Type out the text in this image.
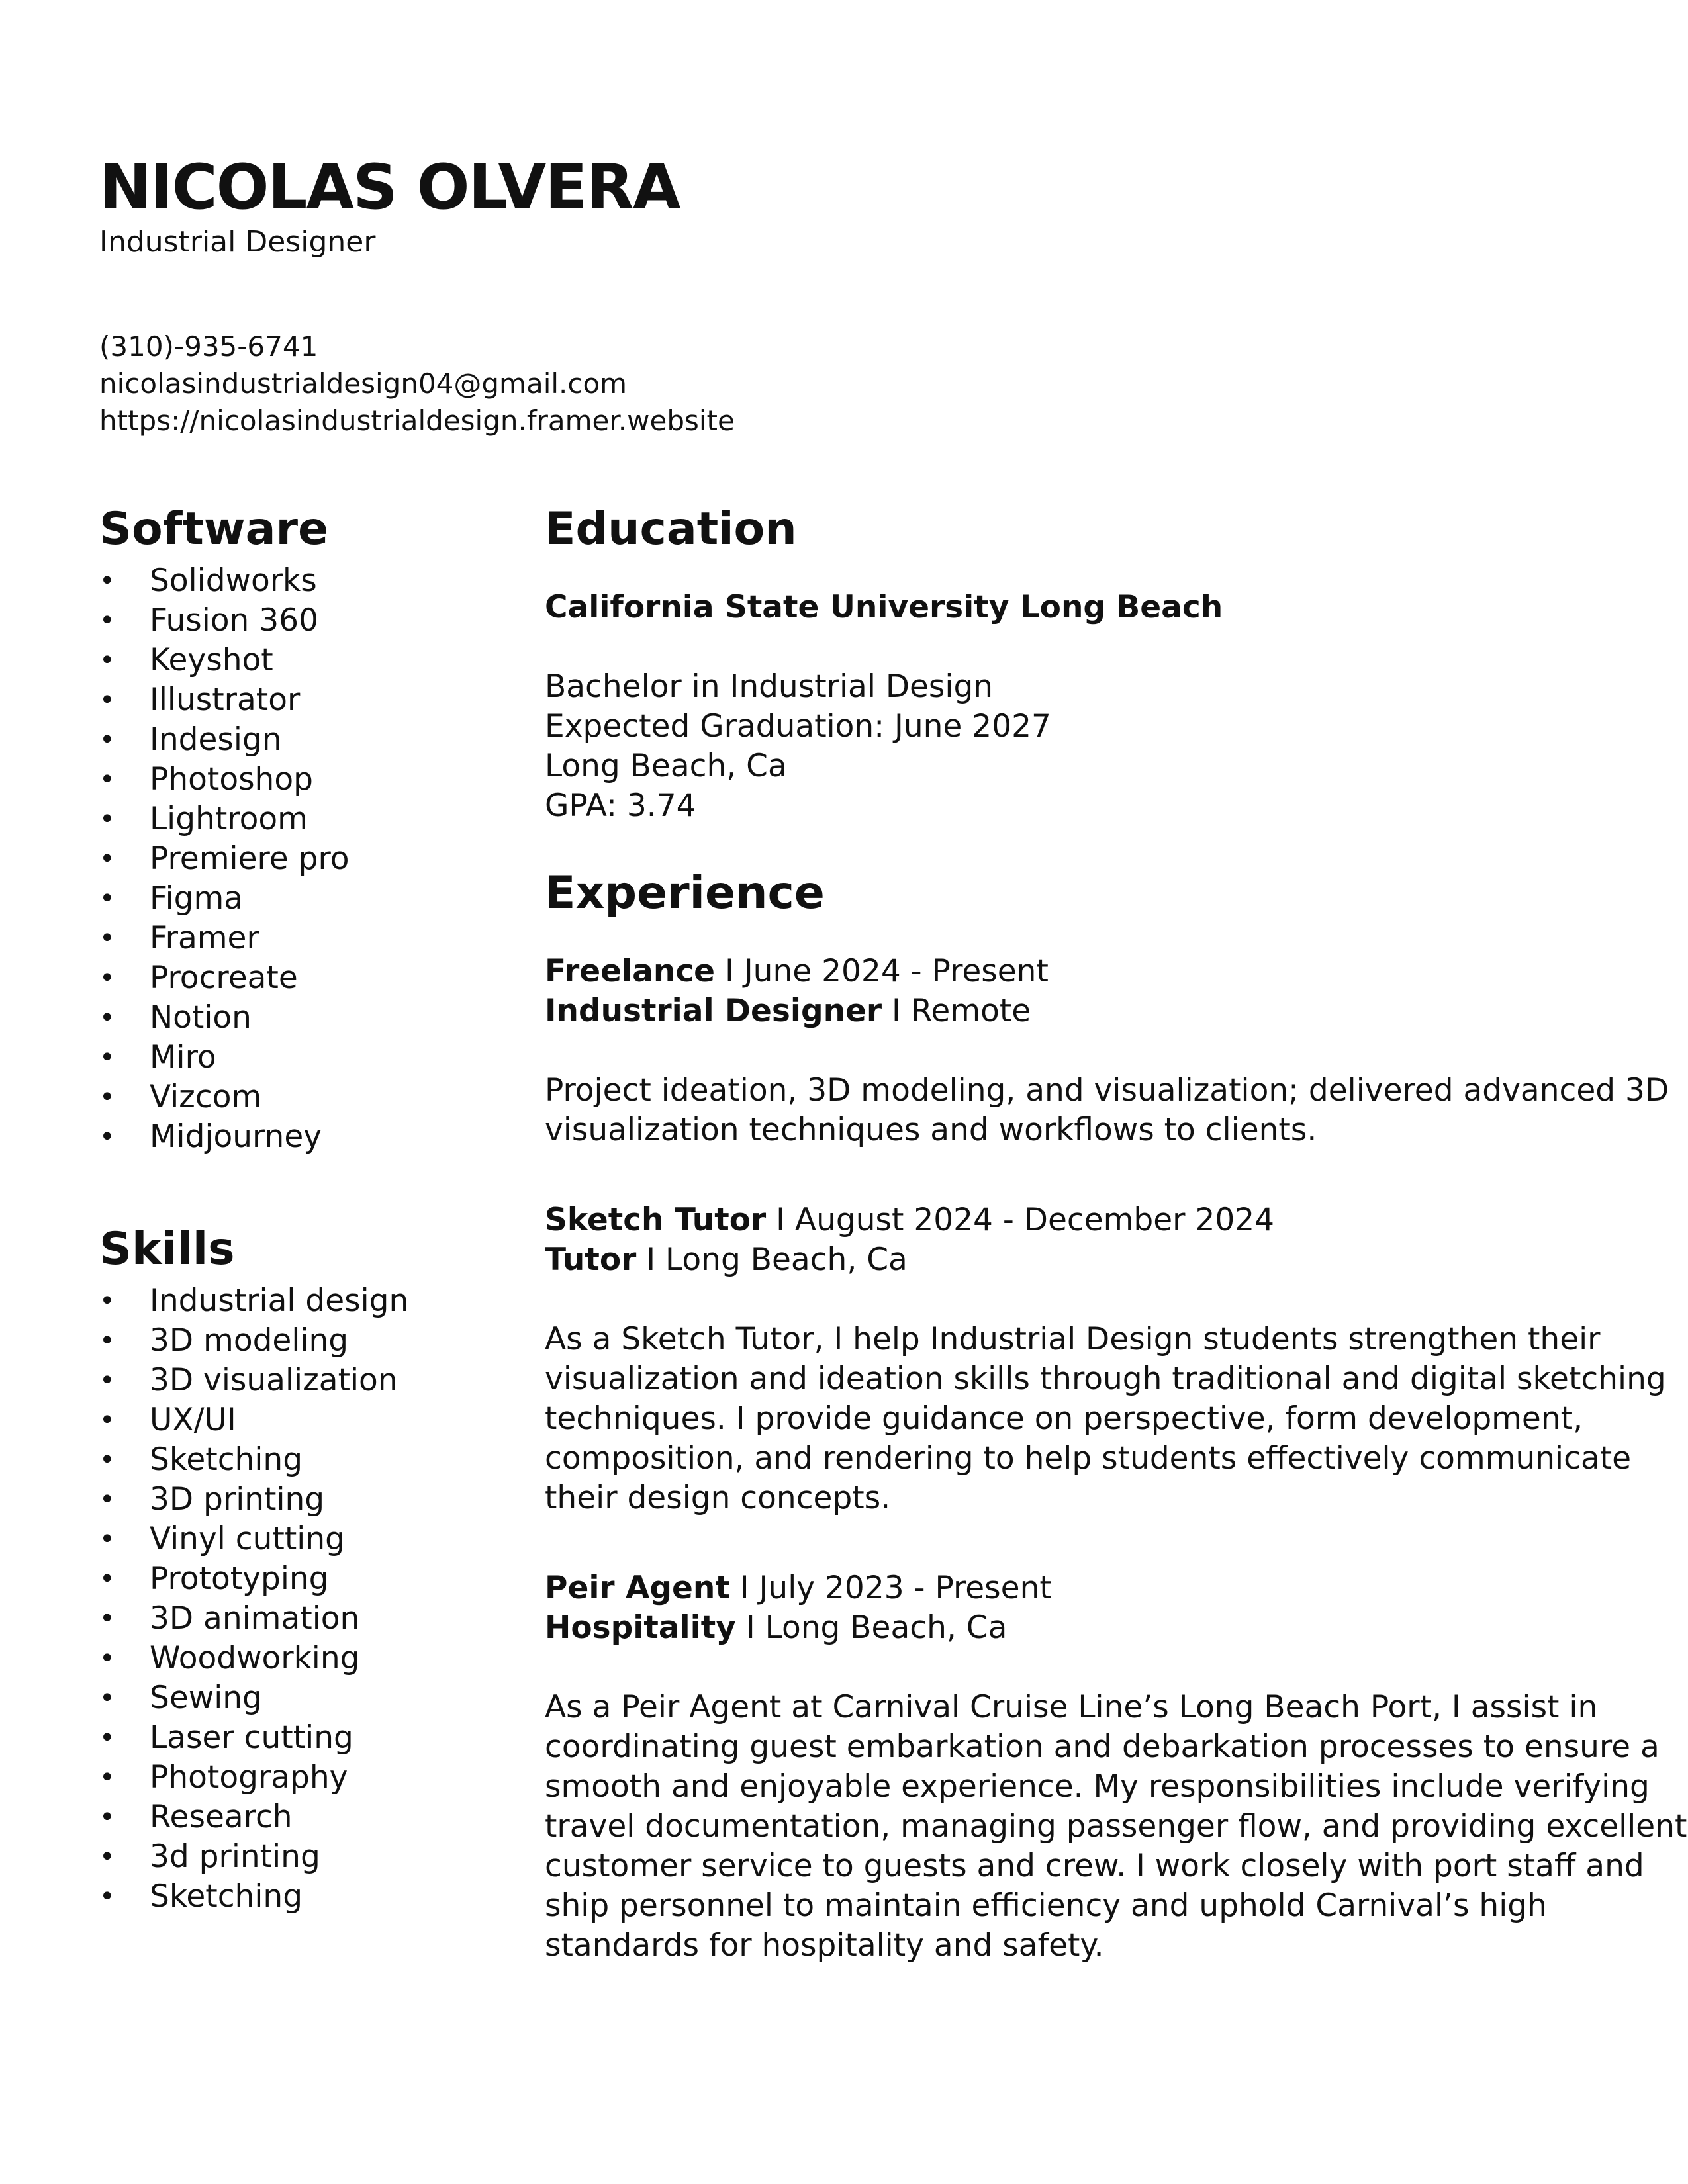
NICOLAS OLVERA
Industrial Designer
(310)-935-6741
nicolasindustrialdesign04@gmail.com
https://nicolasindustrialdesign.framer.website
Software
• Solidworks
• Fusion 360
• Keyshot
• Illustrator
• Indesign
• Photoshop
• Lightroom
• Premiere pro
• Figma
• Framer
• Procreate
• Notion
• Miro
• Vizcom
• Midjourney
Skills
• Industrial design
• 3D modeling
• 3D visualization
• UX/UI
• Sketching
• 3D printing
• Vinyl cutting
• Prototyping
• 3D animation
• Woodworking
• Sewing
• Laser cutting
• Photography
• Research
• 3d printing
• Sketching
Education
California State University Long Beach
Bachelor in Industrial Design
Expected Graduation: June 2027
Long Beach, Ca
GPA: 3.74
Experience
Freelance I June 2024 - Present
Industrial Designer I Remote
Project ideation, 3D modeling, and visualization; delivered advanced 3D
visualization techniques and workflows to clients.
Sketch Tutor I August 2024 - December 2024
Tutor I Long Beach, Ca
As a Sketch Tutor, I help Industrial Design students strengthen their
visualization and ideation skills through traditional and digital sketching
techniques. I provide guidance on perspective, form development,
composition, and rendering to help students effectively communicate
their design concepts.
Peir Agent I July 2023 - Present
Hospitality I Long Beach, Ca
As a Peir Agent at Carnival Cruise Line’s Long Beach Port, I assist in
coordinating guest embarkation and debarkation processes to ensure a
smooth and enjoyable experience. My responsibilities include verifying
travel documentation, managing passenger flow, and providing excellent
customer service to guests and crew. I work closely with port staff and
ship personnel to maintain efficiency and uphold Carnival’s high
standards for hospitality and safety.
